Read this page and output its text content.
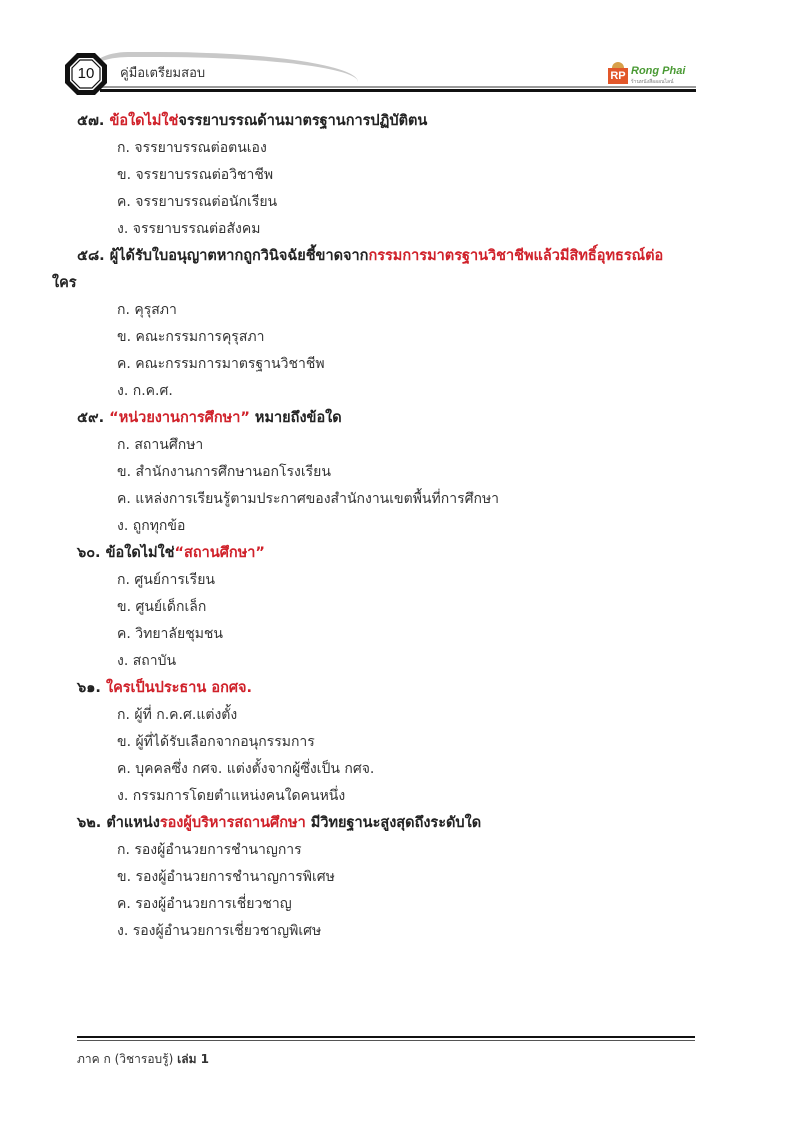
10	คู่มือเตรียมสอบ	RP Rong Phai
ร้านหนังสือออนไลน์
๕๗. ข้อใดไม่ใช่จรรยาบรรณด้านมาตรฐานการปฏิบัติตน
ก. จรรยาบรรณต่อตนเอง
ข. จรรยาบรรณต่อวิชาชีพ
ค. จรรยาบรรณต่อนักเรียน
ง. จรรยาบรรณต่อสังคม
๕๘. ผู้ได้รับใบอนุญาตหากถูกวินิจฉัยชี้ขาดจากกรรมการมาตรฐานวิชาชีพแล้วมีสิทธิ์อุทธรณ์ต่อ
ใคร
ก. คุรุสภา
ข. คณะกรรมการคุรุสภา
ค. คณะกรรมการมาตรฐานวิชาชีพ
ง. ก.ค.ศ.
๕๙. “หน่วยงานการศึกษา” หมายถึงข้อใด
ก. สถานศึกษา
ข. สำนักงานการศึกษานอกโรงเรียน
ค. แหล่งการเรียนรู้ตามประกาศของสำนักงานเขตพื้นที่การศึกษา
ง. ถูกทุกข้อ
๖๐. ข้อใดไม่ใช่“สถานศึกษา”
ก. ศูนย์การเรียน
ข. ศูนย์เด็กเล็ก
ค. วิทยาลัยชุมชน
ง. สถาบัน
๖๑. ใครเป็นประธาน อกศจ.
ก. ผู้ที่ ก.ค.ศ.แต่งตั้ง
ข. ผู้ที่ได้รับเลือกจากอนุกรรมการ
ค. บุคคลซึ่ง กศจ. แต่งตั้งจากผู้ซึ่งเป็น กศจ.
ง. กรรมการโดยตำแหน่งคนใดคนหนึ่ง
๖๒. ตำแหน่งรองผู้บริหารสถานศึกษา มีวิทยฐานะสูงสุดถึงระดับใด
ก. รองผู้อำนวยการชำนาญการ
ข. รองผู้อำนวยการชำนาญการพิเศษ
ค. รองผู้อำนวยการเชี่ยวชาญ
ง. รองผู้อำนวยการเชี่ยวชาญพิเศษ
ภาค ก (วิชารอบรู้) เล่ม 1
